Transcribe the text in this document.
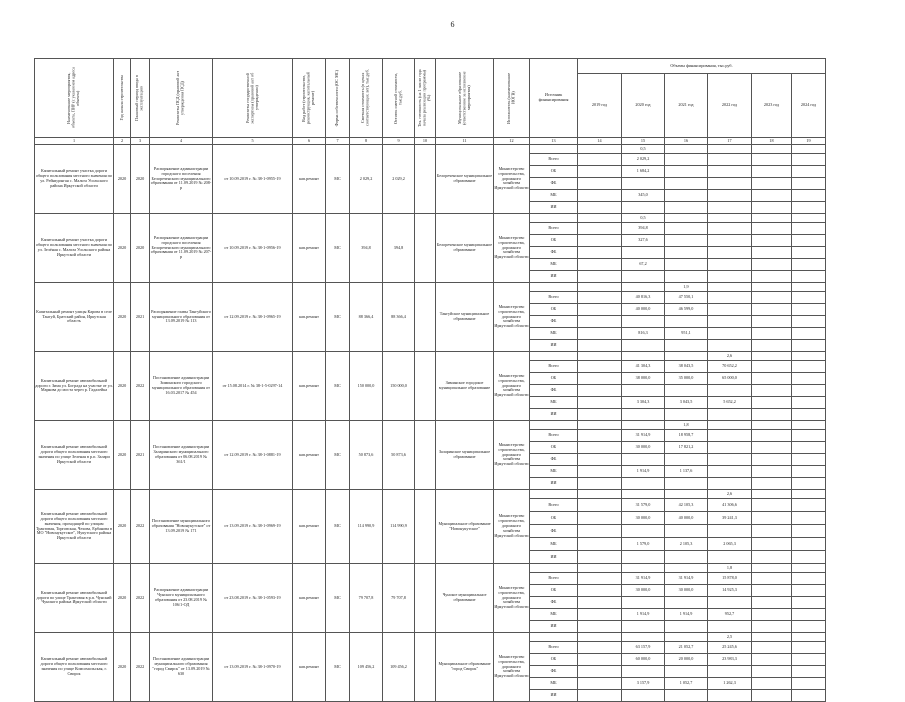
6
Наименование мероприятия, объекта, ПИР (с указанием адреса объекта)	Год начала строительства	Плановый период ввода в эксплуатацию	Реквизиты ПСД (правовой акт утверждения ПСД)	Реквизиты государственной экспертизы (правовой акт об утверждении)	Вид работ (строительство, реконструкция, капитальный ремонт)	Форма собственности (ОС МС)	Сметная стоимость (в ценах соответствующих лет), тыс.руб.	Остаток сметной стоимости, тыс.руб.	Тех. готовность (на 1 число года начала реализации программы) (%)	Муниципальное образование (ответственное за исполнение мероприятия)	Исполнитель (наименование ИОГВ)	Источник финансирования	Объемы финансирования, тыс.руб.					
													2019 год	2020 год	2021 год	2022 год	2023 год	2024 год
1	2	3	4	5	6	7	8	9	10	11	12	13	14	15	16	17	18	19
Капитальный ремонт участка дороги общего пользования местного значения по ул. Рейнедонгая с. Мальта Усольского района Иркутской области	2020	2020	Распоряжение администрации городского поселения Белореченского муниципального образования от 11.09.2019 № 208-р	от 10.09.2019 г. № 38-1-0955-19	кап.ремонт	МС	2 029,2	2 029,2		Белореченское муниципальное образование	Министерство строительства, дорожного хозяйства Иркутской области			0,5				
												Всего		2 029,2				
												ОБ		1 684,2				
												ФБ						
												МБ		345,0				
												ИИ						
Капитальный ремонт участка дороги общего пользования местного значения по ул. Зелёная с. Мальта Усольского района Иркутской области	2020	2020	Распоряжение администрации городского поселения Белореченского муниципального образования от 11.09.2019 № 207-р	от 10.09.2019 г. № 38-1-0956-19	кап.ремонт	МС	394,8	394,8		Белореченское муниципальное образование	Министерство строительства, дорожного хозяйства Иркутской области			0,5				
												Всего		394,8				
												ОБ		327,6				
												ФБ						
												МБ		67,2				
												ИИ						
Капитальный ремонт улицы Карова в селе Тангуй, Братский район, Иркутская область	2020	2021	Распоряжение главы Тангуйского муниципального образования от 13.09.2019 № 113	от 12.09.2019 г. № 38-1-0965-19	кап.ремонт	МС	88 366,4	88 366,4		Тангуйское муниципальное образование	Министерство строительства, дорожного хозяйства Иркутской области				1,9			
												Всего		40 816,3	47 550,1			
												ОБ		40 000,0	46 599,0			
												ФБ						
												МБ		816,3	951,1			
												ИИ						
Капитальный ремонт автомобильной дороги г. Зима ул. Бограда на участке от ул. Маркова до моста через р. Гадалейка	2020	2022	Постановление администрации Зиминского городского муниципального образования от 16.03.2017 № 454	от 15.08.2014 г. № 38-1-5-0297-14	кап.ремонт	МС	150 000,0	150 000,0		Зиминское городское муниципальное образование	Министерство строительства, дорожного хозяйства Иркутской области					2,6		
												Всего		41 304,3	38 043,5	70 652,2		
												ОБ		38 000,0	35 000,0	65 000,0		
												ФБ						
												МБ		3 304,3	3 043,5	5 652,2		
												ИИ						
Капитальный ремонт автомобильной дороги общего пользования местного значения по улице Зеленая в р.п. Залари Иркутской области	2020	2021	Постановление администрации Заларинского муниципального образования от 06.08.2019 № 361/1	от 12.09.2019 г. № 38-1-0881-19	кап.ремонт	МС	50 873,6	50 873,6		Заларинское муниципальное образование	Министерство строительства, дорожного хозяйства Иркутской области				1,8			
												Всего		31 914,9	18 958,7			
												ОБ		30 000,0	17 821,2			
												ФБ						
												МБ		1 914,9	1 137,6			
												ИИ						
Капитальный ремонт автомобильной дороги общего пользования местного значения, проходящей по улицам Трактовая, Торговская, Чехова, Ербанова в МО "Новонукутское", Нукутского района Иркутской области	2020	2022	Постановление муниципального образования "Новонукутское" от 13.09.2019 № 171	от 13.09.2019 г. № 38-1-0969-19	кап.ремонт	МС	114 990,9	114 990,9		Муниципальное образование "Новонукутское"	Министерство строительства, дорожного хозяйства Иркутской области					2,6		
												Всего		31 579,0	42 105,3	41 306,6		
												ОБ		30 000,0	40 000,0	39 241,3		
												ФБ						
												МБ		1 579,0	2 105,3	2 065,3		
												ИИ						
Капитальный ремонт автомобильной дороги по улице Трактовая в р.п. Чунский Чунского района Иркутской области	2020	2022	Распоряжение администрации Чунского муниципального образования от 23.08.2019 № 106/1-ОД	от 23.08.2019 г. № 38-1-0593-19	кап.ремонт	МС	79 707,8	79 707,8		Чунское муниципальное образование	Министерство строительства, дорожного хозяйства Иркутской области					1,8		
												Всего		31 914,9	31 914,9	15 878,0		
												ОБ		30 000,0	30 000,0	14 925,3		
												ФБ						
												МБ		1 914,9	1 914,9	952,7		
												ИИ						
Капитальный ремонт автомобильной дороги общего пользования местного значения по улице Комсомольская, г. Свирск	2020	2022	Постановление администрации муниципального образования "город Свирск" от 13.09.2019 № 630	от 13.09.2019 г. № 38-1-0970-19	кап.ремонт	МС	109 456,2	109 456,2		Муниципальное образование "город Свирск"	Министерство строительства, дорожного хозяйства Иркутской области					2,5		
												Всего		63 157,9	21 052,7	25 245,6		
												ОБ		60 000,0	20 000,0	23 983,3		
												ФБ						
												МБ		3 157,9	1 052,7	1 262,3		
												ИИ						
